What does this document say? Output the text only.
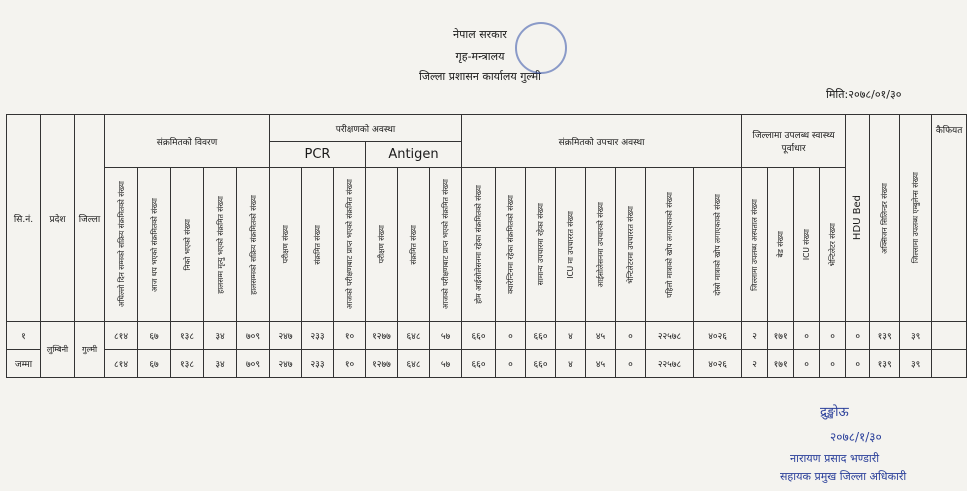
नेपाल सरकार
गृह-मन्त्रालय
जिल्ला प्रशासन कार्यालय गुल्मी
मिति:२०७८/०१/३०
सि.नं.	प्रदेश	जिल्ला	संक्रमितको विवरण					परीक्षणको अवस्था						संक्रमितको उपचार अवस्था								जिल्लामा उपलब्ध स्वास्थ्य पूर्वाधार				HDU Bed	अक्सिजन सिलिन्डर संख्या	जिल्लामा उपलब्ध एम्बुलेन्स संख्या	कैफियत
								PCR			Antigen																		

			अघिल्लो दिन सम्मको सक्रिय संक्रमितको संख्या	आज थप भएको संक्रमितको संख्या	निको भएको संख्या	हालसम्म मृत्यु भएको संक्रमित संख्या	हालसम्मको सक्रिय संक्रमितको संख्या	परीक्षण संख्या	संक्रमित संख्या	आजको परीक्षणबाट प्राप्त भएको संक्रमित संख्या	परीक्षण संख्या	संक्रमित संख्या	आजको परीक्षणबाट प्राप्त भएको संक्रमित संख्या	होम आईसोलेसनमा रहेका संक्रमितको संख्या	क्वारेन्टिनमा रहेका संक्रमितको संख्या	सामान्य उपचारमा रहेका संख्या	ICU मा उपचाररत संख्या	आईसोलेसनमा उपचारको संख्या	भेन्टिलेटरमा उपचाररत संख्या	पहिलो मात्राको खोप लगाएकाको संख्या	दोस्रो मात्राको खोप लगाएकाको संख्या	जिल्लामा उपलब्ध अस्पताल संख्या	बेड संख्या	ICU संख्या	भेन्टिलेटर संख्या				

१	लुम्बिनी	गुल्मी	८१४	६७	१३८	३४	७०९	२४७	२३३	१०	१२७७	६४८	५७	६६०	०	६६०	४	४५	०	२२५७८	४०२६	२	१७१	०	०	०	१३९	३९	
जम्मा			८१४	६७	१३८	३४	७०९	२४७	२३३	१०	१२७७	६४८	५७	६६०	०	६६०	४	४५	०	२२५७८	४०२६	२	१७१	०	०	०	१३९	३९	
द्रुङ्खोऊ
२०७८/१/३०
नारायण प्रसाद भण्डारी
सहायक प्रमुख जिल्ला अधिकारी
